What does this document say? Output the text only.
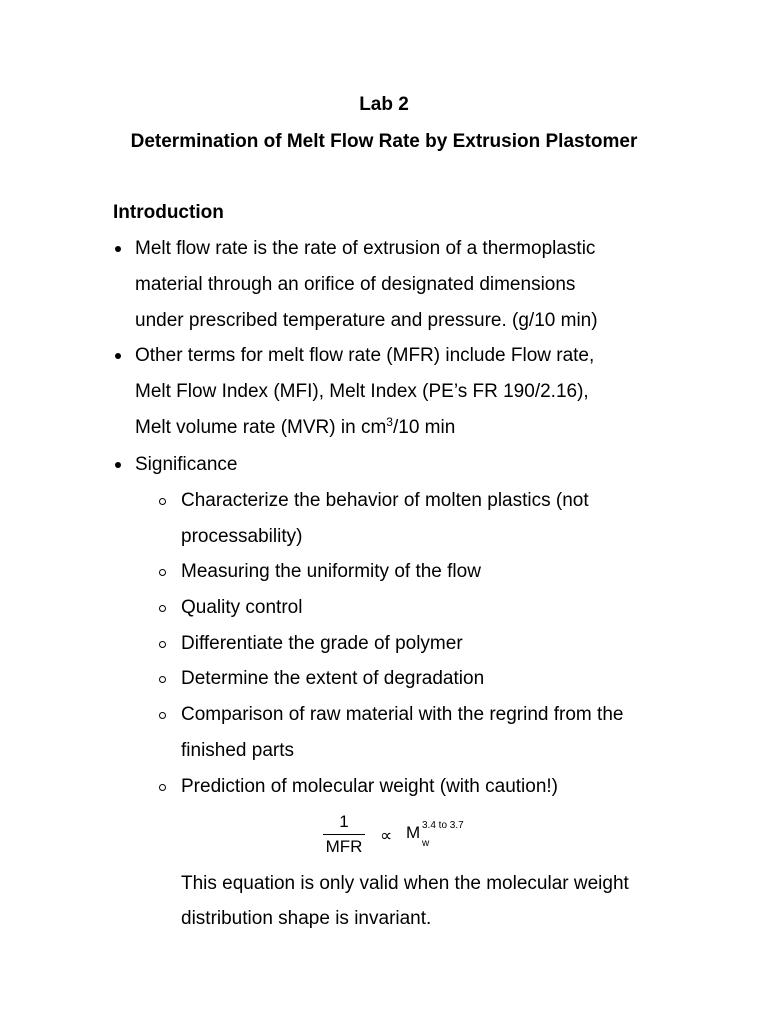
Lab 2
Determination of Melt Flow Rate by Extrusion Plastomer
Introduction
Melt flow rate is the rate of extrusion of a thermoplastic
material through an orifice of designated dimensions
under prescribed temperature and pressure. (g/10 min)
Other terms for melt flow rate (MFR) include Flow rate,
Melt Flow Index (MFI), Melt Index (PE’s FR 190/2.16),
Melt volume rate (MVR) in $cm^3/10$ min
Significance
Characterize the behavior of molten plastics (not
processability)
Measuring the uniformity of the flow
Quality control
Differentiate the grade of polymer
Determine the extent of degradation
Comparison of raw material with the regrind from the
finished parts
Prediction of molecular weight (with caution!)
1
MFR
∝ M 3.4 to 3.7
w
This equation is only valid when the molecular weight
distribution shape is invariant.
